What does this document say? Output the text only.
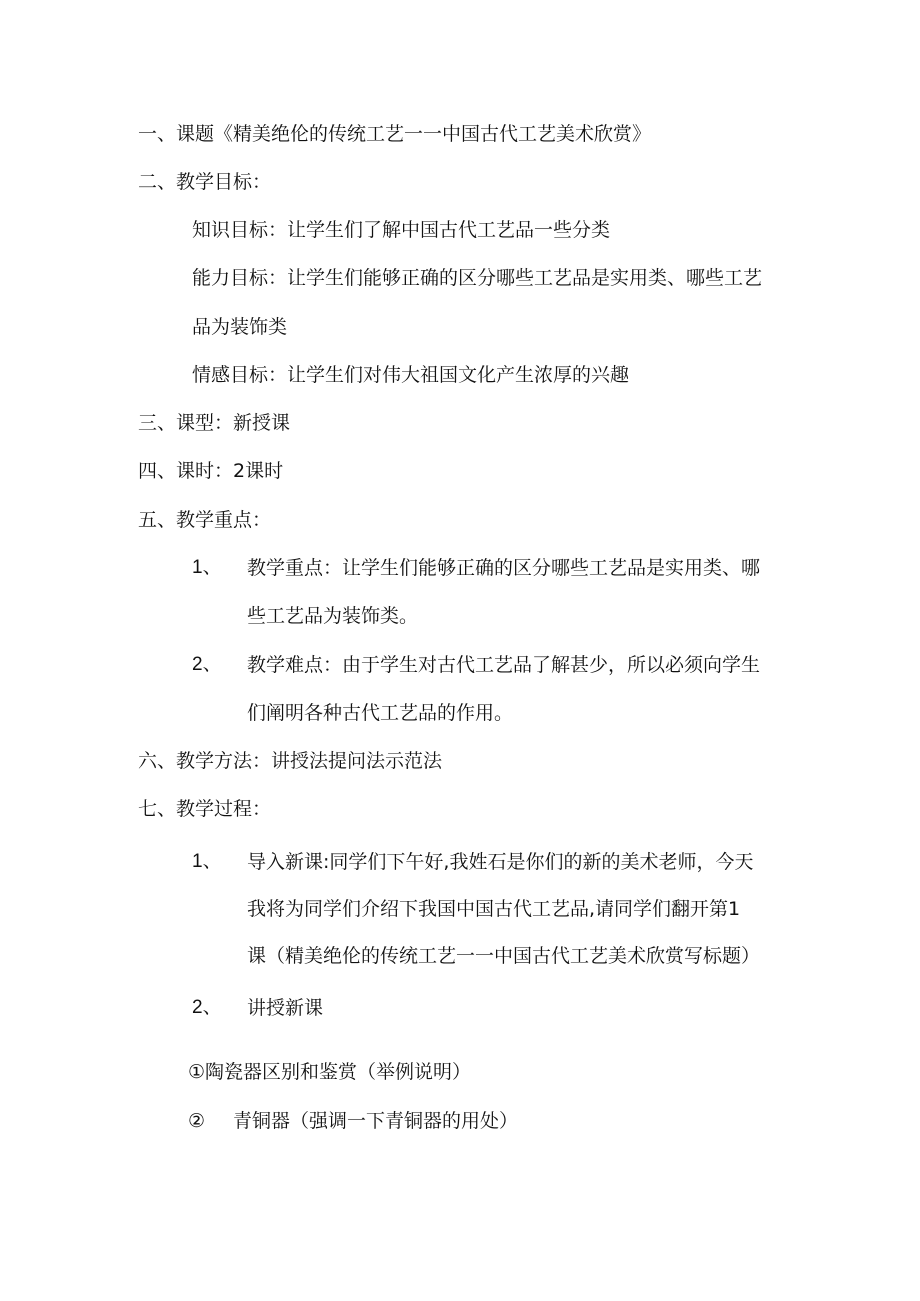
一、课题《精美绝伦的传统工艺一一中国古代工艺美术欣赏》
二、教学目标：
知识目标：让学生们了解中国古代工艺品一些分类
能力目标：让学生们能够正确的区分哪些工艺品是实用类、哪些工艺
品为装饰类
情感目标：让学生们对伟大祖国文化产生浓厚的兴趣
三、课型：新授课
四、课时：2课时
五、教学重点：
1、 教学重点：让学生们能够正确的区分哪些工艺品是实用类、哪
些工艺品为装饰类。
2、 教学难点：由于学生对古代工艺品了解甚少，所以必须向学生
们阐明各种古代工艺品的作用。
六、教学方法：讲授法提问法示范法
七、教学过程：
1、 导入新课:同学们下午好,我姓石是你们的新的美术老师，今天
我将为同学们介绍下我国中国古代工艺品,请同学们翻开第1
课（精美绝伦的传统工艺一一中国古代工艺美术欣赏写标题）
2、 讲授新课
①陶瓷器区别和鉴赏（举例说明）
② 青铜器（强调一下青铜器的用处）
